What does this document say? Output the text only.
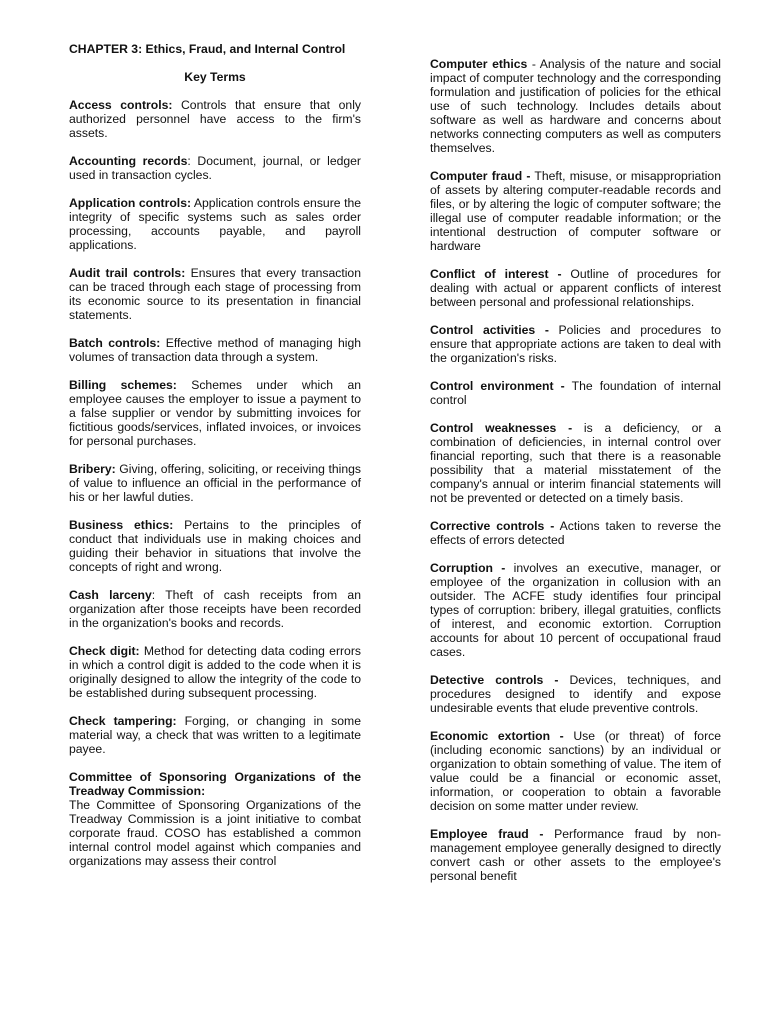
CHAPTER 3: Ethics, Fraud, and Internal Control
Key Terms

Access controls: Controls that ensure that only authorized personnel have access to the firm's assets.

Accounting records: Document, journal, or ledger used in transaction cycles.

Application controls: Application controls ensure the integrity of specific systems such as sales order processing, accounts payable, and payroll applications.

Audit trail controls: Ensures that every transaction can be traced through each stage of processing from its economic source to its presentation in financial statements.

Batch controls: Effective method of managing high volumes of transaction data through a system.

Billing schemes: Schemes under which an employee causes the employer to issue a payment to a false supplier or vendor by submitting invoices for fictitious goods/services, inflated invoices, or invoices for personal purchases.

Bribery: Giving, offering, soliciting, or receiving things of value to influence an official in the performance of his or her lawful duties.

Business ethics: Pertains to the principles of conduct that individuals use in making choices and guiding their behavior in situations that involve the concepts of right and wrong.

Cash larceny: Theft of cash receipts from an organization after those receipts have been recorded in the organization's books and records.

Check digit: Method for detecting data coding errors in which a control digit is added to the code when it is originally designed to allow the integrity of the code to be established during subsequent processing.

Check tampering: Forging, or changing in some material way, a check that was written to a legitimate payee.

Committee of Sponsoring Organizations of the Treadway Commission:
The Committee of Sponsoring Organizations of the Treadway Commission is a joint initiative to combat corporate fraud. COSO has established a common internal control model against which companies and organizations may assess their control

Computer ethics - Analysis of the nature and social impact of computer technology and the corresponding formulation and justification of policies for the ethical use of such technology. Includes details about software as well as hardware and concerns about networks connecting computers as well as computers themselves.

Computer fraud - Theft, misuse, or misappropriation of assets by altering computer-readable records and files, or by altering the logic of computer software; the illegal use of computer readable information; or the intentional destruction of computer software or hardware

Conflict of interest - Outline of procedures for dealing with actual or apparent conflicts of interest between personal and professional relationships.

Control activities - Policies and procedures to ensure that appropriate actions are taken to deal with the organization's risks.

Control environment - The foundation of internal control

Control weaknesses - is a deficiency, or a combination of deficiencies, in internal control over financial reporting, such that there is a reasonable possibility that a material misstatement of the company's annual or interim financial statements will not be prevented or detected on a timely basis.

Corrective controls - Actions taken to reverse the effects of errors detected

Corruption - involves an executive, manager, or employee of the organization in collusion with an outsider. The ACFE study identifies four principal types of corruption: bribery, illegal gratuities, conflicts of interest, and economic extortion. Corruption accounts for about 10 percent of occupational fraud cases.

Detective controls - Devices, techniques, and procedures designed to identify and expose undesirable events that elude preventive controls.

Economic extortion - Use (or threat) of force (including economic sanctions) by an individual or organization to obtain something of value. The item of value could be a financial or economic asset, information, or cooperation to obtain a favorable decision on some matter under review.

Employee fraud - Performance fraud by non-management employee generally designed to directly convert cash or other assets to the employee's personal benefit
